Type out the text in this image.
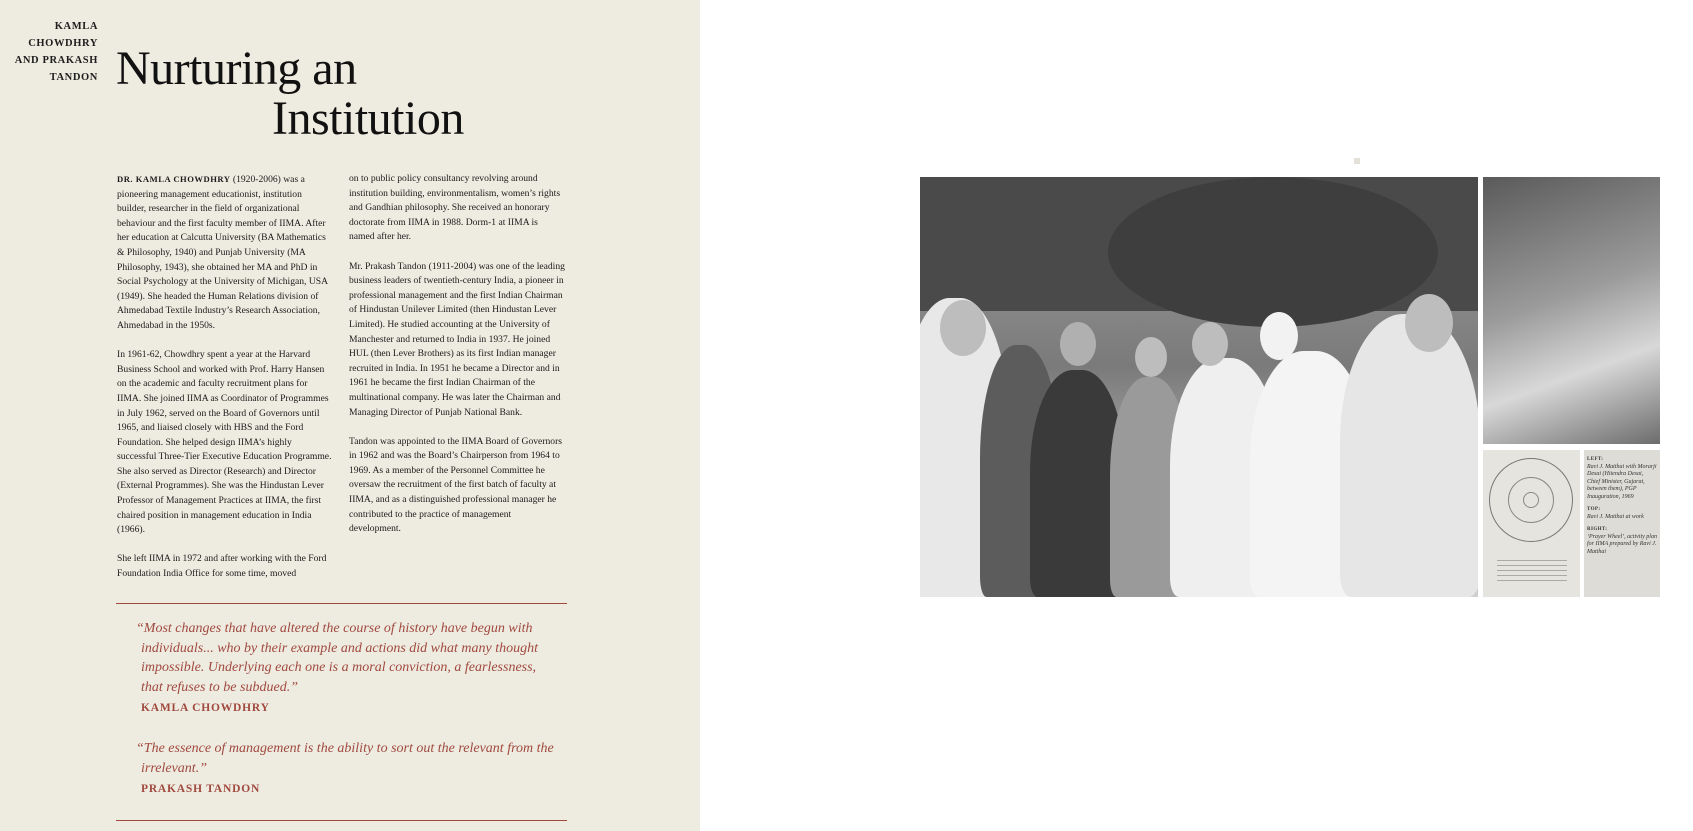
KAMLA
CHOWDHRY
AND PRAKASH
TANDON Nurturing an
Institution

DR. KAMLA CHOWDHRY (1920-2006) was a pioneering management educationist, institution builder, researcher in the field of organizational behaviour and the first faculty member of IIMA. After her education at Calcutta University (BA Mathematics & Philosophy, 1940) and Punjab University (MA Philosophy, 1943), she obtained her MA and PhD in Social Psychology at the University of Michigan, USA (1949). She headed the Human Relations division of Ahmedabad Textile Industry’s Research Association, Ahmedabad in the 1950s.

In 1961-62, Chowdhry spent a year at the Harvard Business School and worked with Prof. Harry Hansen on the academic and faculty recruitment plans for IIMA. She joined IIMA as Coordinator of Programmes in July 1962, served on the Board of Governors until 1965, and liaised closely with HBS and the Ford Foundation. She helped design IIMA’s highly successful Three-Tier Executive Education Programme. She also served as Director (Research) and Director (External Programmes). She was the Hindustan Lever Professor of Management Practices at IIMA, the first chaired position in management education in India (1966).

She left IIMA in 1972 and after working with the Ford Foundation India Office for some time, moved

on to public policy consultancy revolving around institution building, environmentalism, women’s rights and Gandhian philosophy. She received an honorary doctorate from IIMA in 1988. Dorm-1 at IIMA is named after her.

Mr. Prakash Tandon (1911-2004) was one of the leading business leaders of twentieth-century India, a pioneer in professional management and the first Indian Chairman of Hindustan Unilever Limited (then Hindustan Lever Limited). He studied accounting at the University of Manchester and returned to India in 1937. He joined HUL (then Lever Brothers) as its first Indian manager recruited in India. In 1951 he became a Director and in 1961 he became the first Indian Chairman of the multinational company. He was later the Chairman and Managing Director of Punjab National Bank.

Tandon was appointed to the IIMA Board of Governors in 1962 and was the Board’s Chairperson from 1964 to 1969. As a member of the Personnel Committee he oversaw the recruitment of the first batch of faculty at IIMA, and as a distinguished professional manager he contributed to the practice of management development.

“Most changes that have altered the course of history have begun with individuals... who by their example and actions did what many thought impossible. Underlying each one is a moral conviction, a fearlessness, that refuses to be subdued.”
KAMLA CHOWDHRY
“The essence of management is the ability to sort out the relevant from the irrelevant.”
PRAKASH TANDON
LEFT:
Ravi J. Matthai with Morarji Desai (Hitendra Desai, Chief Minister, Gujarat, between them), PGP Inauguration, 1969
TOP:
Ravi J. Matthai at work
RIGHT:
‘Prayer Wheel’, activity plan for IIMA prepared by Ravi J. Matthai
